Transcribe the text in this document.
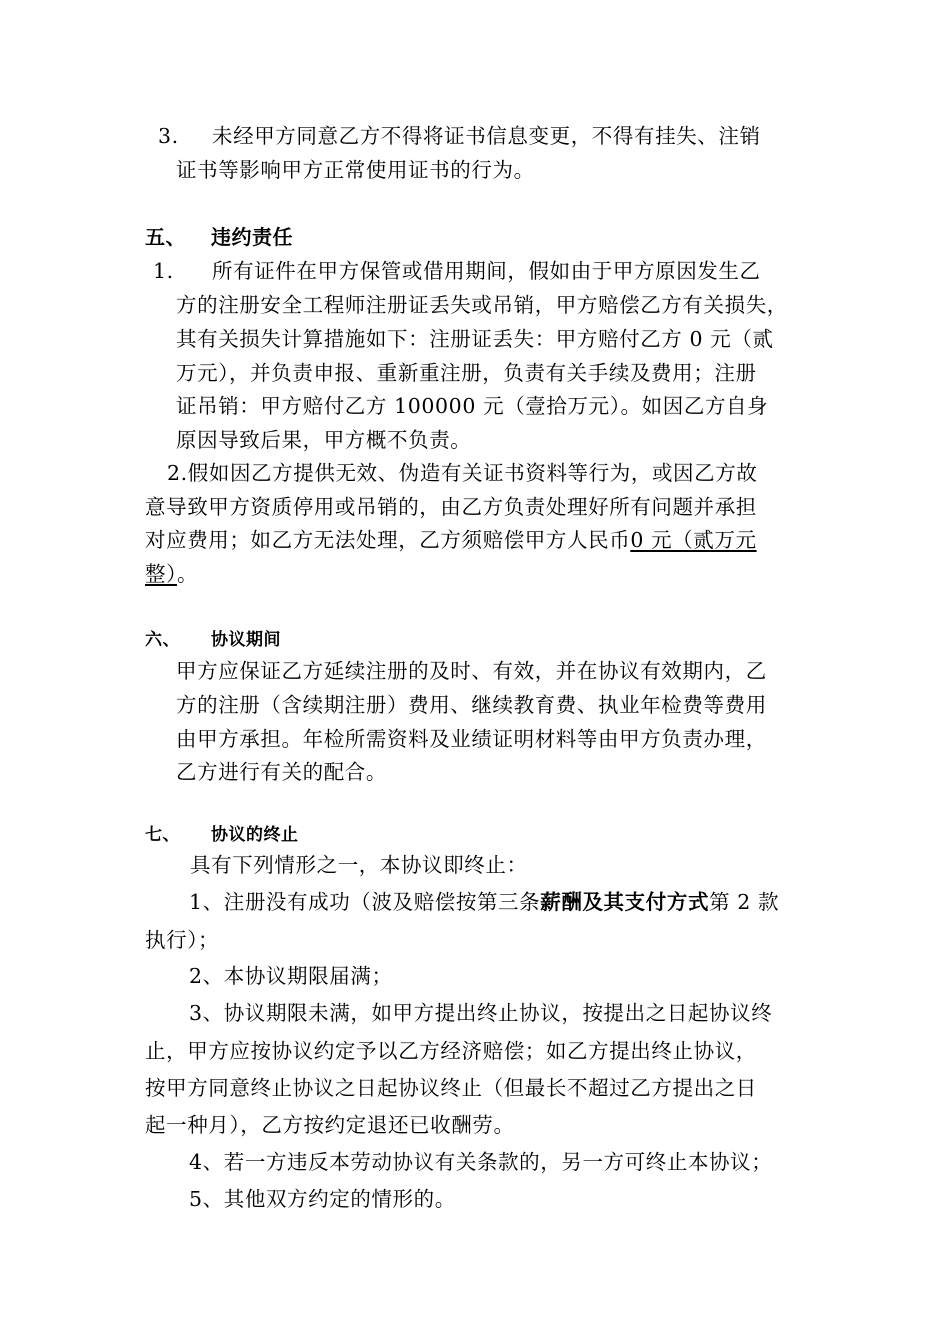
3. 未经甲方同意乙方不得将证书信息变更，不得有挂失、注销
证书等影响甲方正常使用证书的行为。
五、 违约责任
1. 所有证件在甲方保管或借用期间，假如由于甲方原因发生乙
方的注册安全工程师注册证丢失或吊销，甲方赔偿乙方有关损失，
其有关损失计算措施如下：注册证丢失：甲方赔付乙方 0 元（贰
万元），并负责申报、重新重注册，负责有关手续及费用；注册
证吊销：甲方赔付乙方 100000 元（壹拾万元）。如因乙方自身
原因导致后果，甲方概不负责。
2.假如因乙方提供无效、伪造有关证书资料等行为，或因乙方故
意导致甲方资质停用或吊销的，由乙方负责处理好所有问题并承担
对应费用；如乙方无法处理，乙方须赔偿甲方人民币0 元（贰万元
整）。
六、 协议期间
甲方应保证乙方延续注册的及时、有效，并在协议有效期内，乙
方的注册（含续期注册）费用、继续教育费、执业年检费等费用
由甲方承担。年检所需资料及业绩证明材料等由甲方负责办理，
乙方进行有关的配合。
七、 协议的终止
具有下列情形之一，本协议即终止：
1、注册没有成功（波及赔偿按第三条薪酬及其支付方式第 2 款
执行）；
2、本协议期限届满；
3、协议期限未满，如甲方提出终止协议，按提出之日起协议终
止，甲方应按协议约定予以乙方经济赔偿；如乙方提出终止协议，
按甲方同意终止协议之日起协议终止（但最长不超过乙方提出之日
起一种月），乙方按约定退还已收酬劳。
4、若一方违反本劳动协议有关条款的，另一方可终止本协议；
5、其他双方约定的情形的。
